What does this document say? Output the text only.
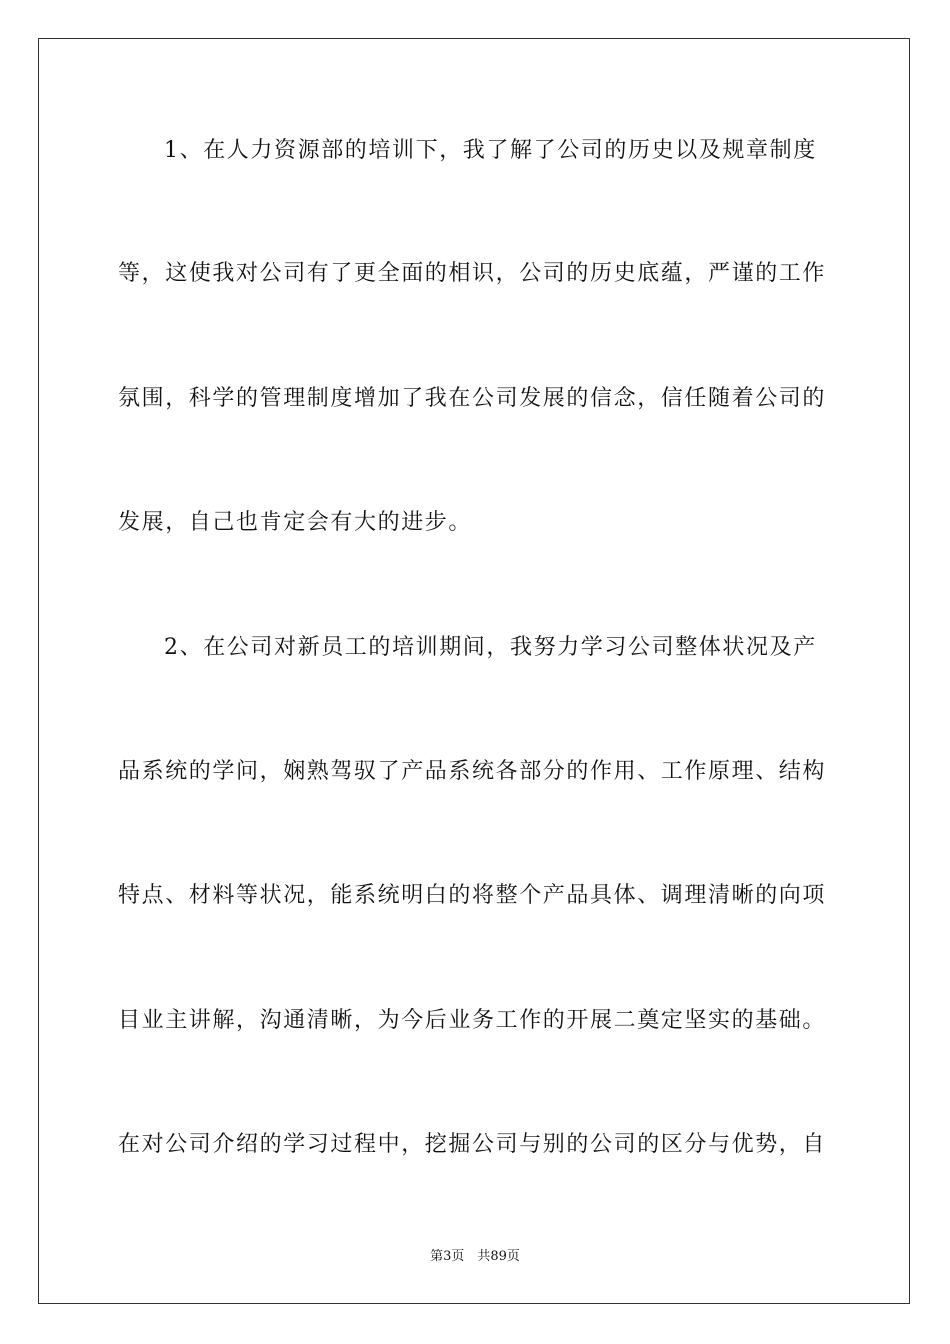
1、在人力资源部的培训下，我了解了公司的历史以及规章制度
等，这使我对公司有了更全面的相识，公司的历史底蕴，严谨的工作
氛围，科学的管理制度增加了我在公司发展的信念，信任随着公司的
发展，自己也肯定会有大的进步。
2、在公司对新员工的培训期间，我努力学习公司整体状况及产
品系统的学问，娴熟驾驭了产品系统各部分的作用、工作原理、结构
特点、材料等状况，能系统明白的将整个产品具体、调理清晰的向项
目业主讲解，沟通清晰，为今后业务工作的开展二奠定坚实的基础。
在对公司介绍的学习过程中，挖掘公司与别的公司的区分与优势，自
第3页　共89页
